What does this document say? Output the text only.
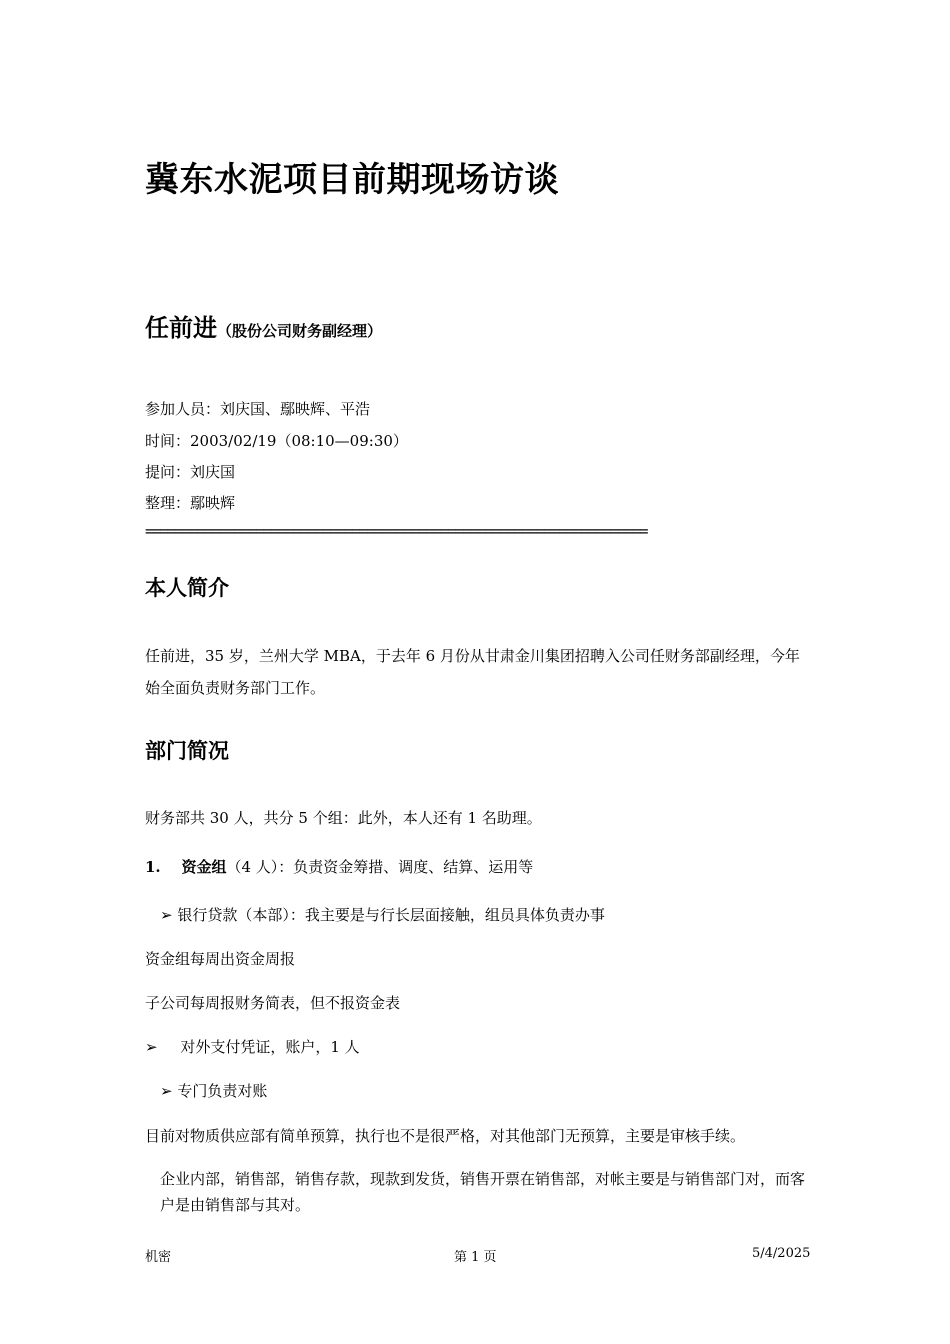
冀东水泥项目前期现场访谈
任前进（股份公司财务副经理）
参加人员：刘庆国、鄢映辉、平浩
时间：2003/02/19（08:10—09:30）
提问：刘庆国
整理：鄢映辉
====================================================================
本人简介
任前进，35 岁，兰州大学 MBA，于去年 6 月份从甘肃金川集团招聘入公司任财务部副经理，今年始全面负责财务部门工作。
部门简况
财务部共 30 人，共分 5 个组：此外，本人还有 1 名助理。
1. 资金组（4 人）：负责资金筹措、调度、结算、运用等
➢ 银行贷款（本部）：我主要是与行长层面接触，组员具体负责办事
资金组每周出资金周报
子公司每周报财务简表，但不报资金表
➢ 对外支付凭证，账户，1 人
➢ 专门负责对账
目前对物质供应部有简单预算，执行也不是很严格，对其他部门无预算，主要是审核手续。
企业内部，销售部，销售存款，现款到发货，销售开票在销售部，对帐主要是与销售部门对，而客户是由销售部与其对。
机密	第 1 页	5/4/2025
